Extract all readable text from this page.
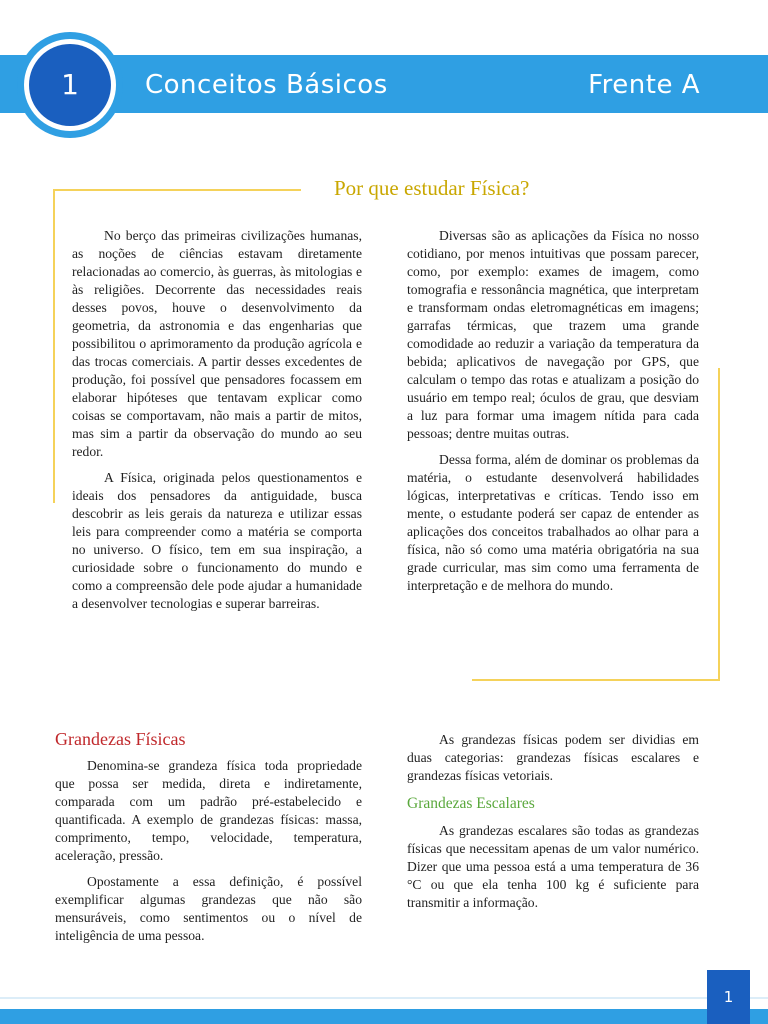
1	Conceitos Básicos	Frente A
Por que estudar Física?

No berço das primeiras civilizações humanas, as noções de ciências estavam diretamente relacionadas ao comercio, às guerras, às mitologias e às religiões. Decorrente das necessidades reais desses povos, houve o desenvolvimento da geometria, da astronomia e das engenharias que possibilitou o aprimoramento da produção agrícola e das trocas comerciais. A partir desses excedentes de produção, foi possível que pensadores focassem em elaborar hipóteses que tentavam explicar como coisas se comportavam, não mais a partir de mitos, mas sim a partir da observação do mundo ao seu redor.

A Física, originada pelos questionamentos e ideais dos pensadores da antiguidade, busca descobrir as leis gerais da natureza e utilizar essas leis para compreender como a matéria se comporta no universo. O físico, tem em sua inspiração, a curiosidade sobre o funcionamento do mundo e como a compreensão dele pode ajudar a humanidade a desenvolver tecnologias e superar barreiras.

Diversas são as aplicações da Física no nosso cotidiano, por menos intuitivas que possam parecer, como, por exemplo: exames de imagem, como tomografia e ressonância magnética, que interpretam e transformam ondas eletromagnéticas em imagens; garrafas térmicas, que trazem uma grande comodidade ao reduzir a variação da temperatura da bebida; aplicativos de navegação por GPS, que calculam o tempo das rotas e atualizam a posição do usuário em tempo real; óculos de grau, que desviam a luz para formar uma imagem nítida para cada pessoas; dentre muitas outras.

Dessa forma, além de dominar os problemas da matéria, o estudante desenvolverá habilidades lógicas, interpretativas e críticas. Tendo isso em mente, o estudante poderá ser capaz de entender as aplicações dos conceitos trabalhados ao olhar para a física, não só como uma matéria obrigatória na sua grade curricular, mas sim como uma ferramenta de interpretação e de melhora do mundo.

Grandezas Físicas

Denomina-se grandeza física toda propriedade que possa ser medida, direta e indiretamente, comparada com um padrão pré-estabelecido e quantificada. A exemplo de grandezas físicas: massa, comprimento, tempo, velocidade, temperatura, aceleração, pressão.

Opostamente a essa definição, é possível exemplificar algumas grandezas que não são mensuráveis, como sentimentos ou o nível de inteligência de uma pessoa.

As grandezas físicas podem ser dividias em duas categorias: grandezas físicas escalares e grandezas físicas vetoriais.

Grandezas Escalares

As grandezas escalares são todas as grandezas físicas que necessitam apenas de um valor numérico. Dizer que uma pessoa está a uma temperatura de 36 °C ou que ela tenha 100 kg é suficiente para transmitir a informação.

1
